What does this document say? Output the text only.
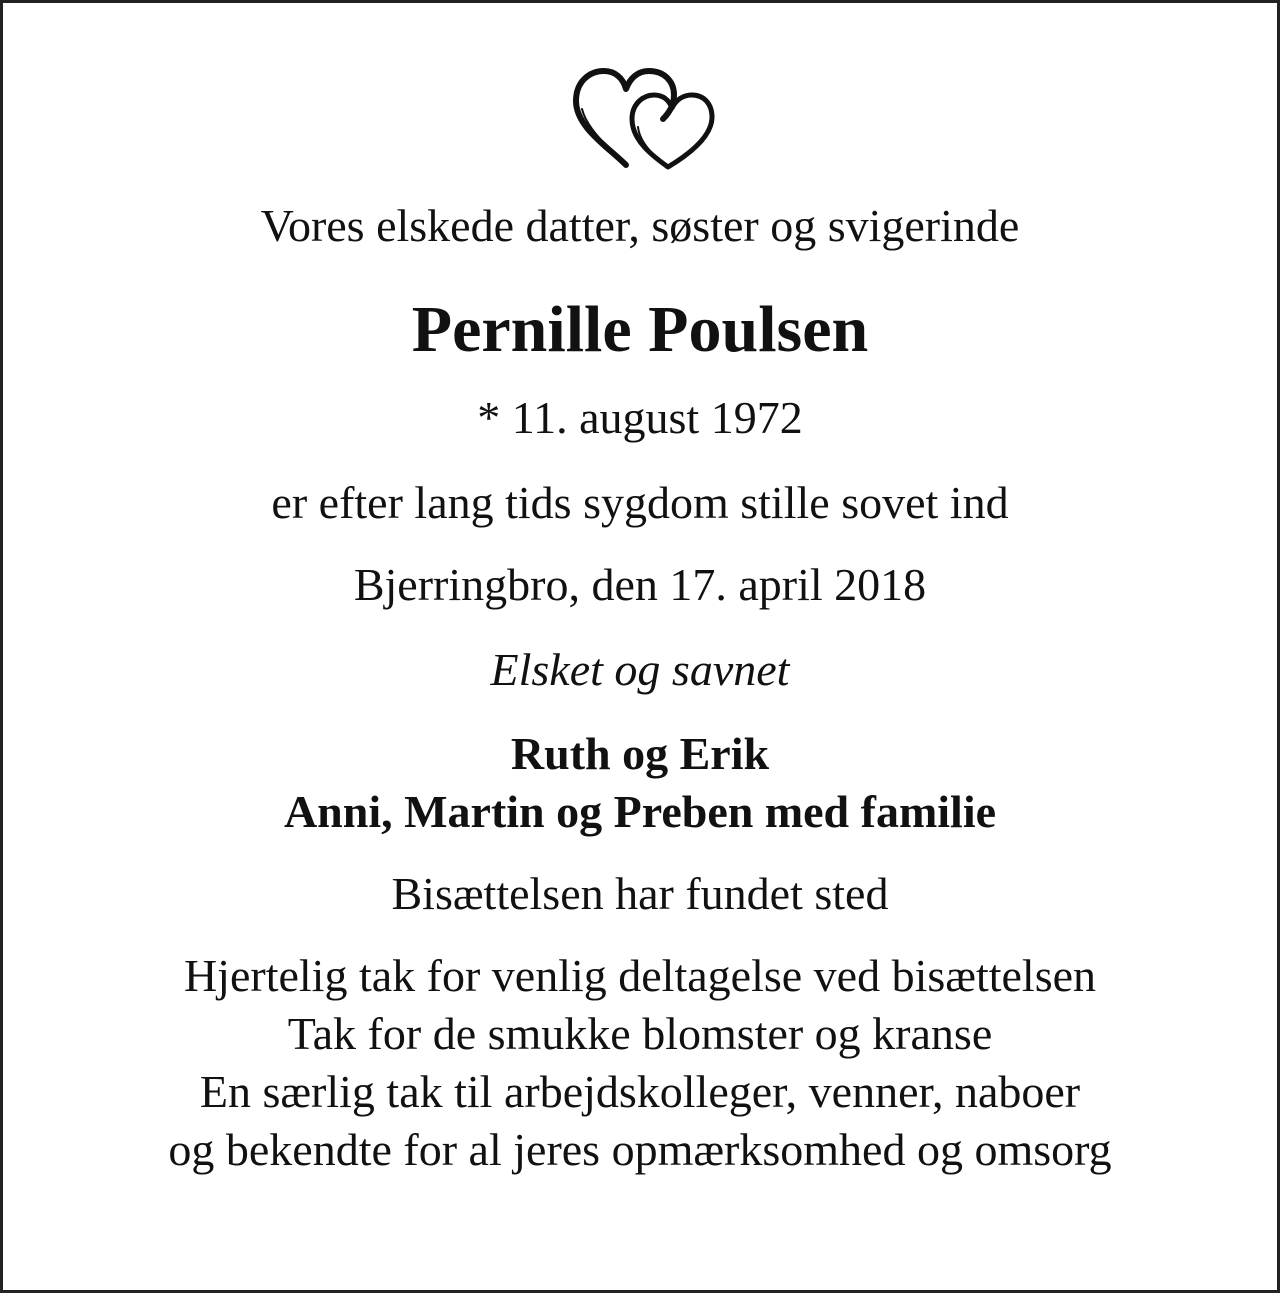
Vores elskede datter, søster og svigerinde
Pernille Poulsen
* 11. august 1972
er efter lang tids sygdom stille sovet ind
Bjerringbro, den 17. april 2018
Elsket og savnet
Ruth og Erik
Anni, Martin og Preben med familie
Bisættelsen har fundet sted
Hjertelig tak for venlig deltagelse ved bisættelsen
Tak for de smukke blomster og kranse
En særlig tak til arbejdskolleger, venner, naboer
og bekendte for al jeres opmærksomhed og omsorg
